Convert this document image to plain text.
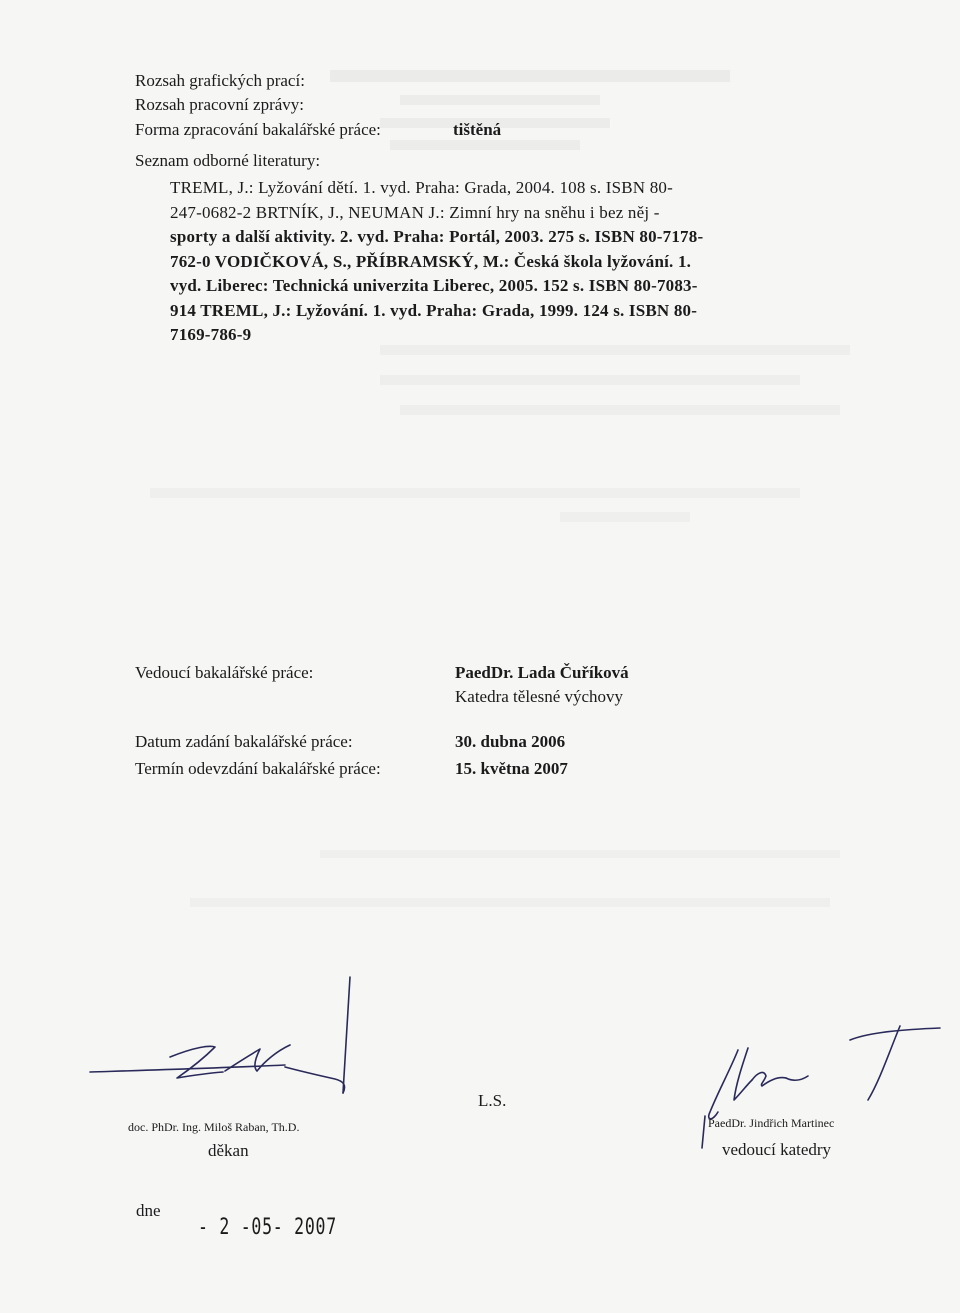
Rozsah grafických prací:
Rozsah pracovní zprávy:
Forma zpracování bakalářské práce:	tištěná
Seznam odborné literatury:
TREML, J.: Lyžování dětí. 1. vyd. Praha: Grada, 2004. 108 s. ISBN 80-
247-0682-2 BRTNÍK, J., NEUMAN J.: Zimní hry na sněhu i bez něj -
sporty a další aktivity. 2. vyd. Praha: Portál, 2003. 275 s. ISBN 80-7178-
762-0 VODIČKOVÁ, S., PŘÍBRAMSKÝ, M.: Česká škola lyžování. 1.
vyd. Liberec: Technická univerzita Liberec, 2005. 152 s. ISBN 80-7083-
914 TREML, J.: Lyžování. 1. vyd. Praha: Grada, 1999. 124 s. ISBN 80-
7169-786-9
Vedoucí bakalářské práce:	PaedDr. Lada Čuříková
Katedra tělesné výchovy
Datum zadání bakalářské práce:	30. dubna 2006
Termín odevzdání bakalářské práce:	15. května 2007
doc. PhDr. Ing. Miloš Raban, Th.D.
děkan
L.S.
PaedDr. Jindřich Martinec
vedoucí katedry
dne
- 2 -05- 2007
